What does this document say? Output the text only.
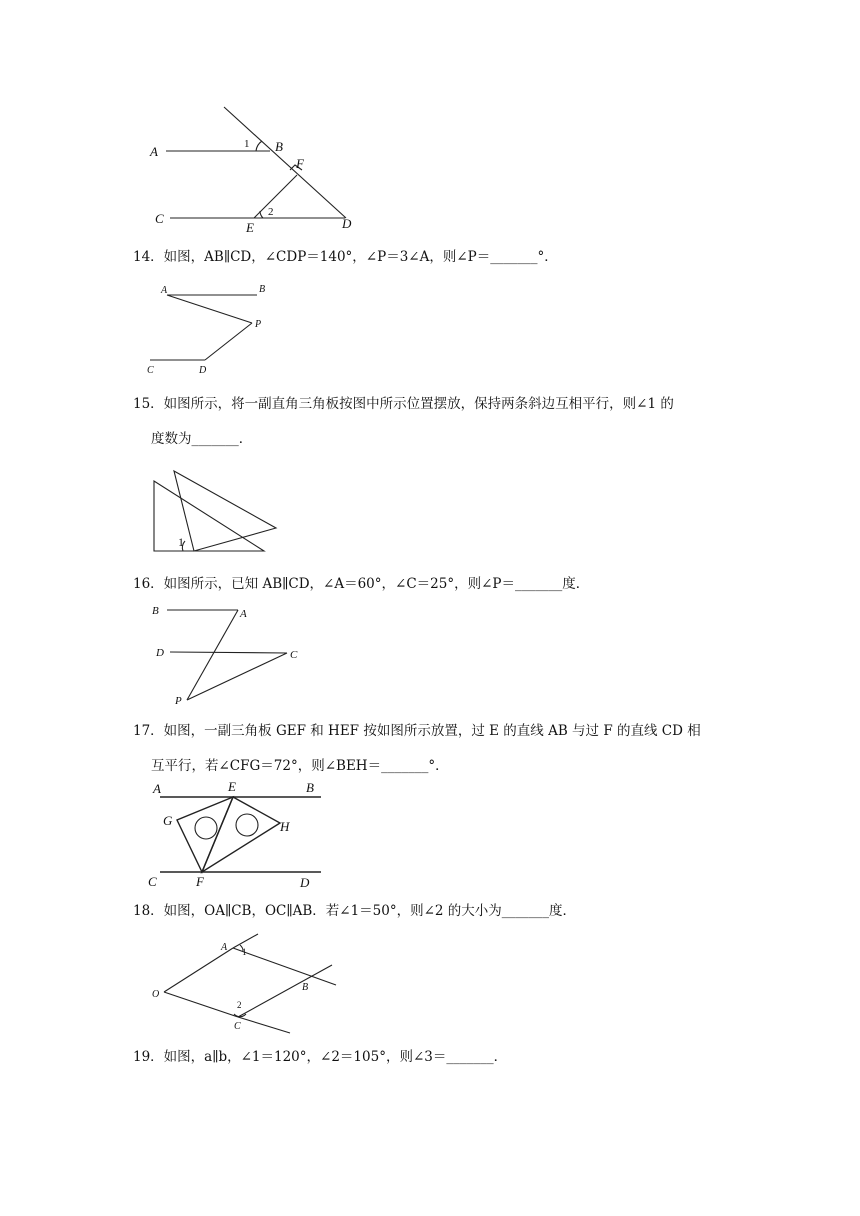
A	B
C	D
E
F
1
2
14．如图，AB∥CD，∠CDP＝140°，∠P＝3∠A，则∠P＝_______°．
A	B
P
C	D
15．如图所示，将一副直角三角板按图中所示位置摆放，保持两条斜边互相平行，则∠1 的
度数为_______．
1
16．如图所示，已知 AB∥CD，∠A＝60°，∠C＝25°，则∠P＝_______度．
B	A
D	C
P
17．如图，一副三角板 GEF 和 HEF 按如图所示放置，过 E 的直线 AB 与过 F 的直线 CD 相
互平行，若∠CFG＝72°，则∠BEH＝_______°．
A	E	B
G	H
C	F	D
18．如图，OA∥CB，OC∥AB．若∠1＝50°，则∠2 的大小为_______度．
A 1
O
B
2
C
19．如图，a∥b，∠1＝120°，∠2＝105°，则∠3＝_______．
